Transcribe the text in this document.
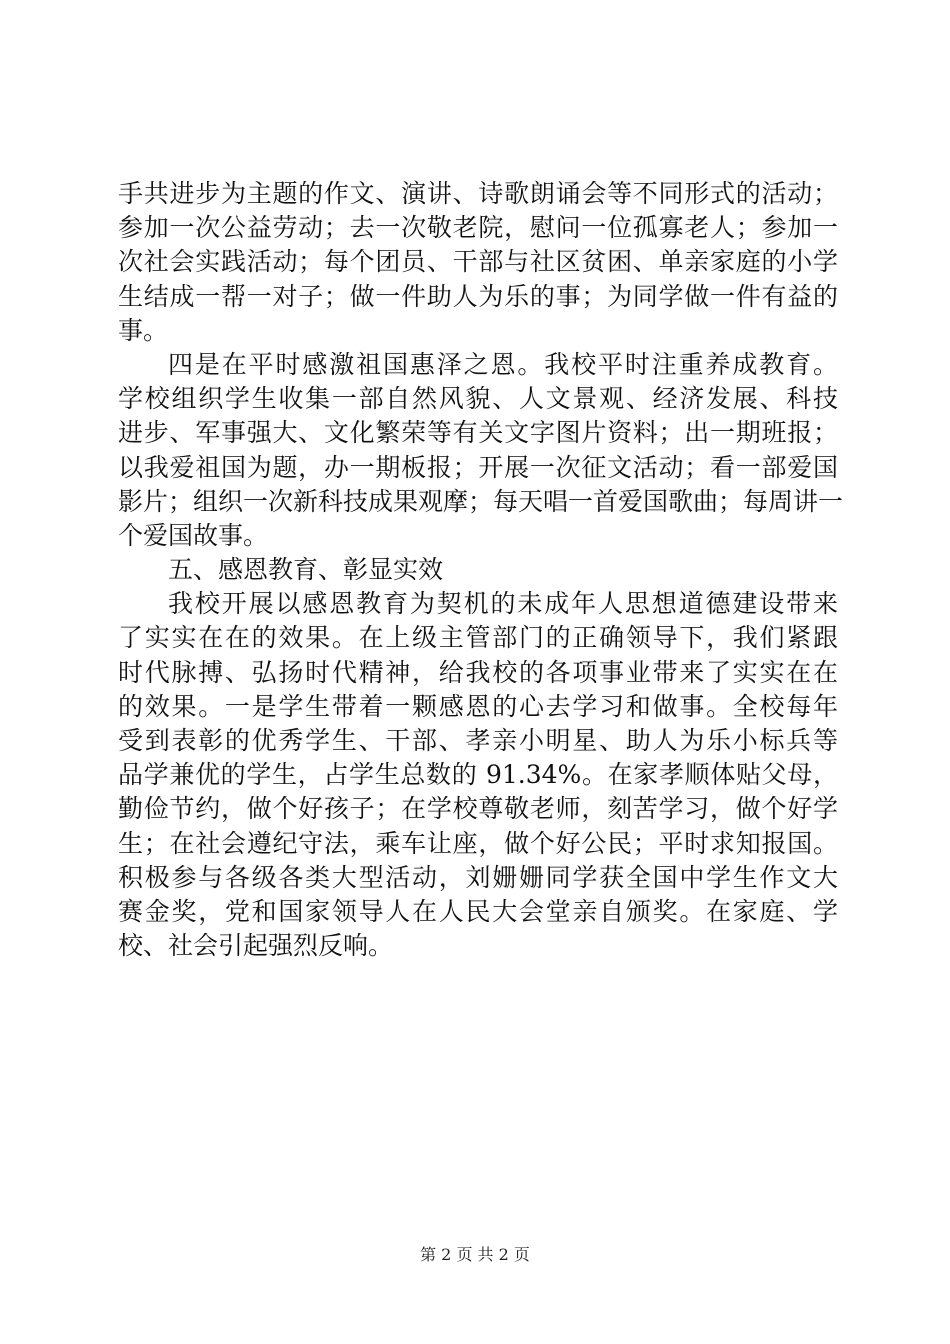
手共进步为主题的作文、演讲、诗歌朗诵会等不同形式的活动；
参加一次公益劳动；去一次敬老院，慰问一位孤寡老人；参加一
次社会实践活动；每个团员、干部与社区贫困、单亲家庭的小学
生结成一帮一对子；做一件助人为乐的事；为同学做一件有益的
事。
四是在平时感激祖国惠泽之恩。我校平时注重养成教育。
学校组织学生收集一部自然风貌、人文景观、经济发展、科技
进步、军事强大、文化繁荣等有关文字图片资料；出一期班报；
以我爱祖国为题，办一期板报；开展一次征文活动；看一部爱国
影片；组织一次新科技成果观摩；每天唱一首爱国歌曲；每周讲一
个爱国故事。
五、感恩教育、彰显实效
我校开展以感恩教育为契机的未成年人思想道德建设带来
了实实在在的效果。在上级主管部门的正确领导下，我们紧跟
时代脉搏、弘扬时代精神，给我校的各项事业带来了实实在在
的效果。一是学生带着一颗感恩的心去学习和做事。全校每年
受到表彰的优秀学生、干部、孝亲小明星、助人为乐小标兵等
品学兼优的学生，占学生总数的 91.34%。在家孝顺体贴父母，
勤俭节约，做个好孩子；在学校尊敬老师，刻苦学习，做个好学
生；在社会遵纪守法，乘车让座，做个好公民；平时求知报国。
积极参与各级各类大型活动，刘姗姗同学获全国中学生作文大
赛金奖，党和国家领导人在人民大会堂亲自颁奖。在家庭、学
校、社会引起强烈反响。
第 2 页 共 2 页
